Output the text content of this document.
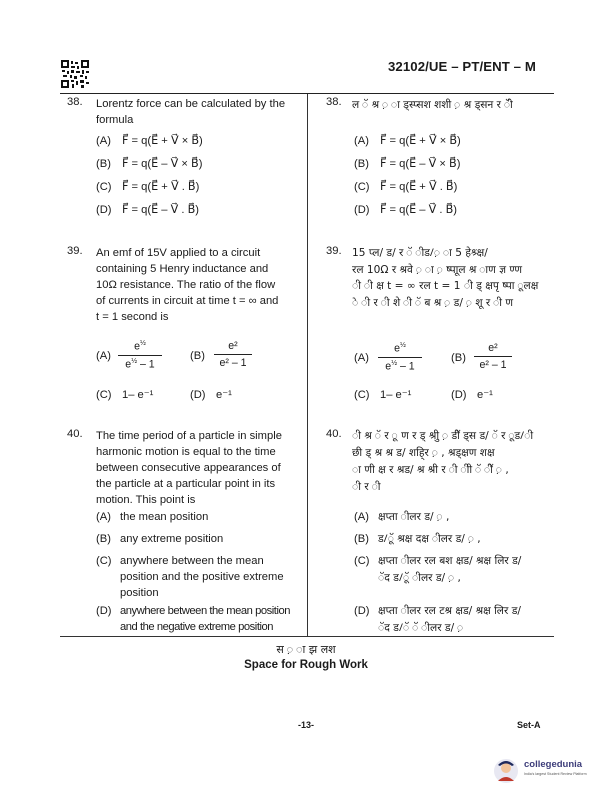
32102/UE – PT/ENT – M
38. Lorentz force can be calculated by the
formula
(A) F⃗ = q(E⃗ + V⃗ × B⃗)
(B) F⃗ = q(E⃗ – V⃗ × B⃗)
(C) F⃗ = q(E⃗ + V⃗ . B⃗)
(D) F⃗ = q(E⃗ – V⃗ . B⃗)
38. ल ॅ श्र ़ ा ड्स्प्सश शशी ़ श्र ड्सन र ॅी
(A) F⃗ = q(E⃗ + V⃗ × B⃗)
(B) F⃗ = q(E⃗ – V⃗ × B⃗)
(C) F⃗ = q(E⃗ + V⃗ . B⃗)
(D) F⃗ = q(E⃗ – V⃗ . B⃗)
39. An emf of 15V applied to a circuit
containing 5 Henry inductance and
10Ω resistance. The ratio of the flow
of currents in circuit at time t = ∞ and
t = 1 second is
$(A) \frac{e^{\frac{1}{2}}}{e^{\frac{1}{2}} - 1}$	$(B) \frac{\text{e²}}{\text{e² – 1}}$
(C) 1– e⁻¹	(D) e⁻¹
39. 15 प्ल/ ड/ र ॅ ीड/़ ा 5 हेश्र्क्ष/
रल 10Ω र श्रवे ़ ा ़ ष्पाूल श्र ाण ज्ञ ण्ण
ी ी क्ष t = ∞ रल t = 1 ी ड् क्षपृ ष्पा ूलक्ष
े ी र ी शे ी ॅ ब श्र ़ ड/ ़ शू र ी ण
$(A) \frac{e^{\frac{1}{2}}}{e^{\frac{1}{2}} - 1}$	$(B) \frac{\text{e²}}{\text{e² – 1}}$
(C) 1– e⁻¹	(D) e⁻¹
40. The time period of a particle in simple
harmonic motion is equal to the time
between consecutive appearances of
the particle at a particular point in its
motion. This point is
(A) the mean position
(B) any extreme position
(C) anywhere between the mean
position and the positive extreme
position
(D) anywhere between the mean position
and the negative extreme position
40. ी श्र ॅ र ू ण र ड् श्रीु ़ डीॅ ड्स ड/ ॅ र ूड/ी
छी ड् श्र श्र ड/ शहि्र ़ , श्रड्क्षण शक्ष
ा णी क्ष र श्रड/ श्र श्री र ी ीी ॅ ीॅ ़ ,
ी र ी
(A) क्षप्ता ीलर ड/ ़ ,
(B) ड/ूॅ श्रक्ष दक्ष ीलर ड/ ़ ,
(C) क्षप्ता ीलर रल बश क्षड/ श्रक्ष लिर ड/
ॅद ड/ूॅ ीलर ड/ ़ ,
(D) क्षप्ता ीलर रल टश्र क्षड/ श्रक्ष लिर ड/
ॅद ड/ॅ ॅ ीलर ड/ ़
स ़ ा झ लश
Space for Rough Work
-13-	Set-A
collegedunia
India's largest Student Review Platform
